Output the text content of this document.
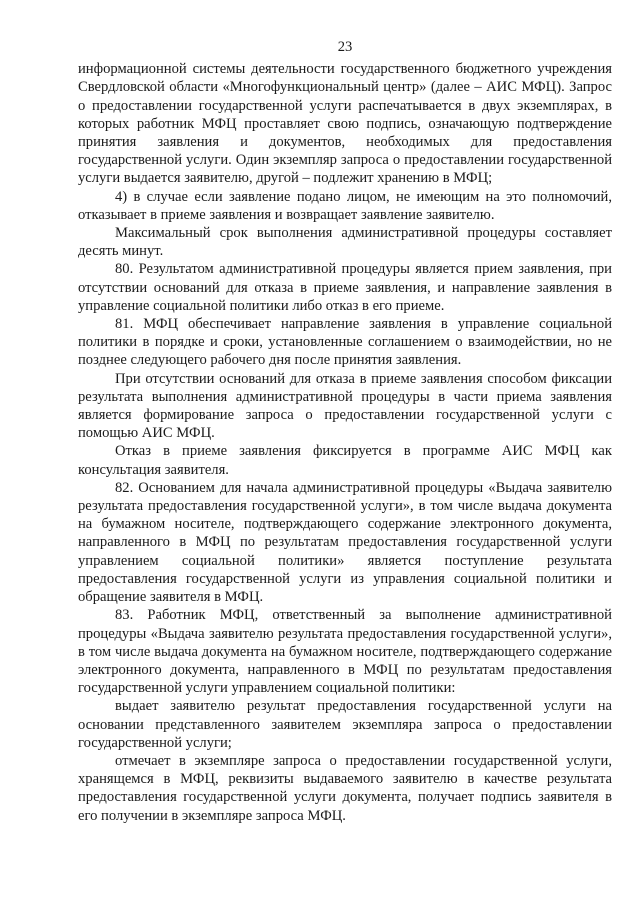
23

информационной системы деятельности государственного бюджетного учреждения Свердловской области «Многофункциональный центр» (далее – АИС МФЦ). Запрос о предоставлении государственной услуги распечатывается в двух экземплярах, в которых работник МФЦ проставляет свою подпись, означающую подтверждение принятия заявления и документов, необходимых для предоставления государственной услуги. Один экземпляр запроса о предоставлении государственной услуги выдается заявителю, другой – подлежит хранению в МФЦ;

4) в случае если заявление подано лицом, не имеющим на это полномочий, отказывает в приеме заявления и возвращает заявление заявителю.

Максимальный срок выполнения административной процедуры составляет десять минут.

80. Результатом административной процедуры является прием заявления, при отсутствии оснований для отказа в приеме заявления, и направление заявления в управление социальной политики либо отказ в его приеме.

81. МФЦ обеспечивает направление заявления в управление социальной политики в порядке и сроки, установленные соглашением о взаимодействии, но не позднее следующего рабочего дня после принятия заявления.

При отсутствии оснований для отказа в приеме заявления способом фиксации результата выполнения административной процедуры в части приема заявления является формирование запроса о предоставлении государственной услуги с помощью АИС МФЦ.

Отказ в приеме заявления фиксируется в программе АИС МФЦ как консультация заявителя.

82. Основанием для начала административной процедуры «Выдача заявителю результата предоставления государственной услуги», в том числе выдача документа на бумажном носителе, подтверждающего содержание электронного документа, направленного в МФЦ по результатам предоставления государственной услуги управлением социальной политики» является поступление результата предоставления государственной услуги из управления социальной политики и обращение заявителя в МФЦ.

83. Работник МФЦ, ответственный за выполнение административной процедуры «Выдача заявителю результата предоставления государственной услуги», в том числе выдача документа на бумажном носителе, подтверждающего содержание электронного документа, направленного в МФЦ по результатам предоставления государственной услуги управлением социальной политики:

выдает заявителю результат предоставления государственной услуги на основании представленного заявителем экземпляра запроса о предоставлении государственной услуги;

отмечает в экземпляре запроса о предоставлении государственной услуги, хранящемся в МФЦ, реквизиты выдаваемого заявителю в качестве результата предоставления государственной услуги документа, получает подпись заявителя в его получении в экземпляре запроса МФЦ.
